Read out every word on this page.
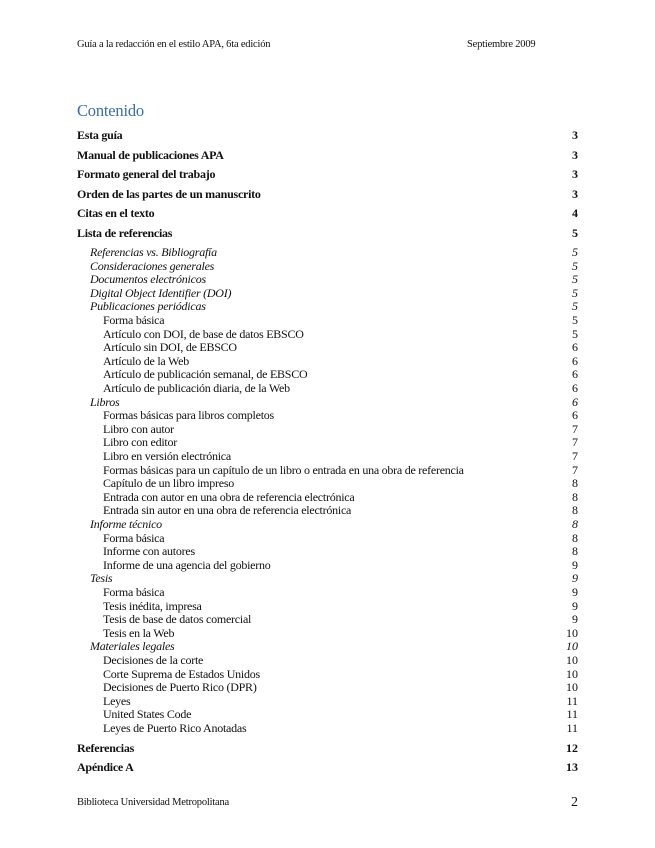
Guía a la redacción en el estilo APA, 6ta edición	Septiembre 2009
Contenido
Esta guía	3
Manual de publicaciones APA	3
Formato general del trabajo	3
Orden de las partes de un manuscrito	3
Citas en el texto	4
Lista de referencias	5
Referencias vs. Bibliografía	5
Consideraciones generales	5
Documentos electrónicos	5
Digital Object Identifier (DOI)	5
Publicaciones periódicas	5
Forma básica	5
Artículo con DOI, de base de datos EBSCO	5
Artículo sin DOI, de EBSCO	6
Artículo de la Web	6
Artículo de publicación semanal, de EBSCO	6
Artículo de publicación diaria, de la Web	6
Libros	6
Formas básicas para libros completos	6
Libro con autor	7
Libro con editor	7
Libro en versión electrónica	7
Formas básicas para un capítulo de un libro o entrada en una obra de referencia	7
Capítulo de un libro impreso	8
Entrada con autor en una obra de referencia electrónica	8
Entrada sin autor en una obra de referencia electrónica	8
Informe técnico	8
Forma básica	8
Informe con autores	8
Informe de una agencia del gobierno	9
Tesis	9
Forma básica	9
Tesis inédita, impresa	9
Tesis de base de datos comercial	9
Tesis en la Web	10
Materiales legales	10
Decisiones de la corte	10
Corte Suprema de Estados Unidos	10
Decisiones de Puerto Rico (DPR)	10
Leyes	11
United States Code	11
Leyes de Puerto Rico Anotadas	11
Referencias	12
Apéndice A	13
Biblioteca Universidad Metropolitana	2
